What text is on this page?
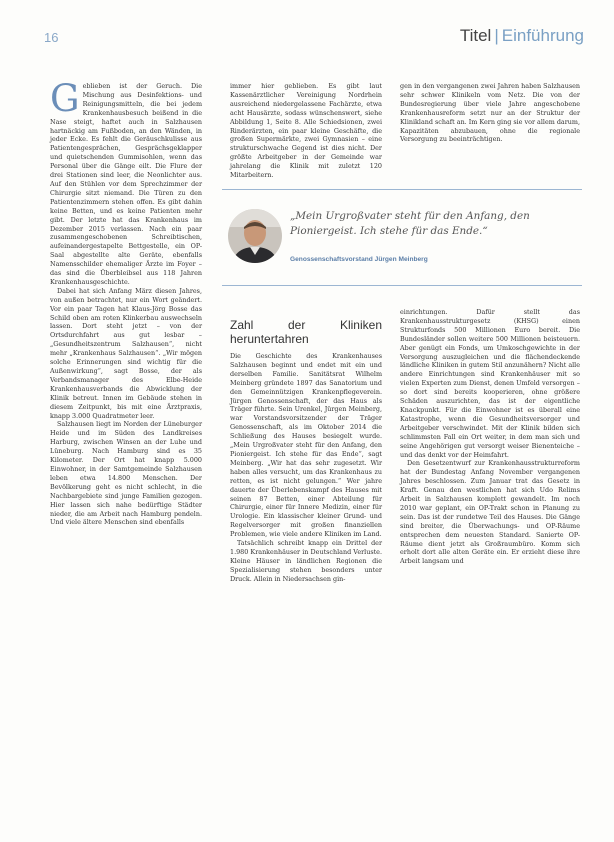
16	Titel | Einführung
G eblieben ist der Geruch. Die Mischung aus Desinfektions- und Reinigungsmitteln, die bei jedem Krankenhausbesuch beißend in die Nase steigt, haftet auch in Salzhausen hartnäckig am Fußboden, an den Wänden, in jeder Ecke. Es fehlt die Geräuschkulisse aus Patientengesprächen, Gesprächsgeklapper und quietschenden Gummisohlen, wenn das Personal über die Gänge eilt. Die Flure der drei Stationen sind leer, die Neonlichter aus. Auf den Stühlen vor dem Sprechzimmer der Chirurgie sitzt niemand. Die Türen zu den Patientenzimmern stehen offen. Es gibt dahin keine Betten, und es keine Patienten mehr gibt. Der letzte hat das Krankenhaus im Dezember 2015 verlassen. Nach ein paar zusammengeschobenen Schreibtischen, aufeinandergestapelte Bettgestelle, ein OP-Saal abgestellte alte Geräte, ebenfalls Namensschilder ehemaliger Ärzte im Foyer – das sind die Überbleibsel aus 118 Jahren Krankenhausgeschichte.

Dabei hat sich Anfang März diesen Jahres, von außen betrachtet, nur ein Wort geändert. Vor ein paar Tagen hat Klaus-Jörg Bosse das Schild oben am roten Klinkerbau auswechseln lassen. Dort steht jetzt – von der Ortsdurchfahrt aus gut lesbar – „Gesundheitszentrum Salzhausen“, nicht mehr „Krankenhaus Salzhausen“. „Wir mögen solche Erinnerungen sind wichtig für die Außenwirkung“, sagt Bosse, der als Verbandsmanager des Elbe-Heide Krankenhausverbands die Abwicklung der Klinik betreut. Innen im Gebäude stehen in diesem Zeitpunkt, bis mit eine Ärztpraxis, knapp 3.000 Quadratmeter leer.

Salzhausen liegt im Norden der Lüneburger Heide und im Süden des Landkreises Harburg, zwischen Winsen an der Luhe und Lüneburg. Nach Hamburg sind es 35 Kilometer. Der Ort hat knapp 5.000 Einwohner, in der Samtgemeinde Salzhausen leben etwa 14.800 Menschen. Der Bevölkerung geht es nicht schlecht, in die Nachbargebiete sind junge Familien gezogen. Hier lassen sich nahe bedürftige Städter nieder, die am Arbeit nach Hamburg pendeln. Und viele ältere Menschen sind ebenfalls

immer hier geblieben. Es gibt laut Kassenärztlicher Vereinigung Nordrhein ausreichend niedergelassene Fachärzte, etwa acht Hausärzte, sodass wünschenswert, siehe Abbildung 1, Seite 8. Alle Schiedsionen, zwei Rinderärzten, ein paar kleine Geschäfte, die großen Supermärkte, zwei Gymnasien – eine strukturschwache Gegend ist dies nicht. Der größte Arbeitgeber in der Gemeinde war jahrelang die Klinik mit zuletzt 120 Mitarbeitern.

gen in den vergangenen zwei Jahren haben Salzhausen sehr schwer Klinikeln vom Netz. Die von der Bundesregierung über viele Jahre angeschobene Krankenhausreform setzt nur an der Struktur der Klinikland schaft an. Im Kern ging sie vor allem darum, Kapazitäten abzubauen, ohne die regionale Versorgung zu beeinträchtigen.

„Mein Urgroßvater steht für den Anfang, den Pioniergeist. Ich stehe für das Ende.“
Genossenschaftsvorstand Jürgen Meinberg
Zahl der Kliniken heruntertahren

Die Geschichte des Krankenhauses Salzhausen beginnt und endet mit ein und derselben Familie. Sanitätsrat Wilhelm Meinberg gründete 1897 das Sanatorium und den Gemeinnützigen Krankenpflegeverein. Jürgen Genossenschaft, der das Haus als Träger führte. Sein Urenkel, Jürgen Meinberg, war Vorstandsvorsitzender der Träger Genossenschaft, als im Oktober 2014 die Schließung des Hauses besiegelt wurde. „Mein Urgroßvater steht für den Anfang, den Pioniergeist. Ich stehe für das Ende“, sagt Meinberg. „Wir hat das sehr zugesetzt. Wir haben alles versucht, um das Krankenhaus zu retten, es ist nicht gelungen.“ Wer jahre dauerte der Überlebenskampf des Hauses mit seinen 87 Betten, einer Abteilung für Chirurgie, einer für Innere Medizin, einer für Urologie. Ein klassischer kleiner Grund- und Regelversorger mit großen finanziellen Problemen, wie viele andere Kliniken im Land.

Tatsächlich schreibt knapp ein Drittel der 1.980 Krankenhäuser in Deutschland Verluste. Kleine Häuser in ländlichen Regionen die Spezialisierung stehen besonders unter Druck. Allein in Niedersachsen gin-

einrichtungen. Dafür stellt das Krankenhausstrukturgesetz (KHSG) einen Strukturfonds 500 Millionen Euro bereit. Die Bundesländer sollen weitere 500 Millionen beisteuern. Aber genügt ein Fonds, um Umkoschgewichte in der Versorgung auszugleichen und die flächendeckende ländliche Kliniken in gutem Stil anzunähern? Nicht alle andere Einrichtungen sind Krankenhäuser mit so vielen Experten zum Dienst, denen Umfeld versorgen – so dort sind bereits kooperieren, ohne größere Schäden auszurichten, das ist der eigentliche Knackpunkt. Für die Einwohner ist es überall eine Katastrophe, wenn die Gesundheitsversorger und Arbeitgeber verschwindet. Mit der Klinik bilden sich schlimmsten Fall ein Ort weiter, in dem man sich und seine Angehörigen gut versorgt weiser Bienenteiche – und das denkt vor der Heimfahrt.

Den Gesetzentwurf zur Krankenhausstrukturreform hat der Bundestag Anfang November vergangenen Jahres beschlossen. Zum Januar trat das Gesetz in Kraft. Genau den westlichen hat sich Udo Relims Arbeit in Salzhausen komplett gewandelt. Im noch 2010 war geplant, ein OP-Trakt schon in Planung zu sein. Das ist der rundetwe Teil des Hauses. Die Gänge sind breiter, die Überwachungs- und OP-Räume entsprechen dem neuesten Standard. Sanierte OP-Räume dient jetzt als Großraumbüro. Komm sich erholt dort alle alten Geräte ein. Er erzieht diese ihre Arbeit langsam und
